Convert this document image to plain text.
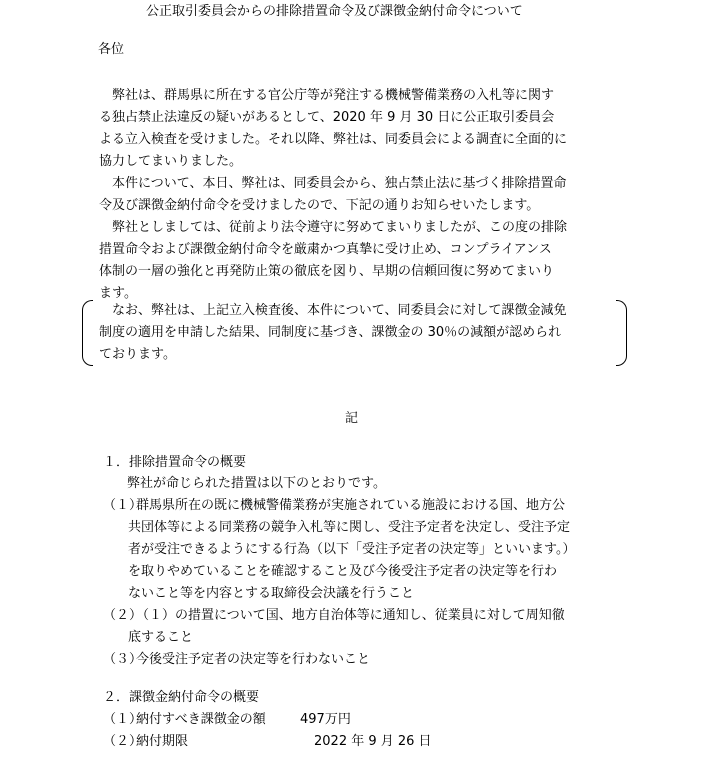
公正取引委員会からの排除措置命令及び課徴金納付命令について
各位
弊社は、群馬県に所在する官公庁等が発注する機械警備業務の入札等に関す
る独占禁止法違反の疑いがあるとして、2020 年 9 月 30 日に公正取引委員会
よる立入検査を受けました。それ以降、弊社は、同委員会による調査に全面的に
協力してまいりました。
本件について、本日、弊社は、同委員会から、独占禁止法に基づく排除措置命
令及び課徴金納付命令を受けましたので、下記の通りお知らせいたします。
弊社としましては、従前より法令遵守に努めてまいりましたが、この度の排除
措置命令および課徴金納付命令を厳粛かつ真摯に受け止め、コンプライアンス
体制の一層の強化と再発防止策の徹底を図り、早期の信頼回復に努めてまいり
ます。
なお、弊社は、上記立入検査後、本件について、同委員会に対して課徴金減免
制度の適用を申請した結果、同制度に基づき、課徴金の 30％の減額が認められ
ております。
記
１．排除措置命令の概要
弊社が命じられた措置は以下のとおりです。
（１）
群馬県所在の既に機械警備業務が実施されている施設における国、地方公
共団体等による同業務の競争入札等に関し、受注予定者を決定し、受注予定
者が受注できるようにする行為（以下「受注予定者の決定等」といいます。）
を取りやめていることを確認すること及び今後受注予定者の決定等を行わ
ないこと等を内容とする取締役会決議を行うこと
（２）
（１）の措置について国、地方自治体等に通知し、従業員に対して周知徹
底すること
（３）
今後受注予定者の決定等を行わないこと
２．課徴金納付命令の概要
（１）
納付すべき課徴金の額	497万円
（２）
納付期限	2022 年 9 月 26 日
